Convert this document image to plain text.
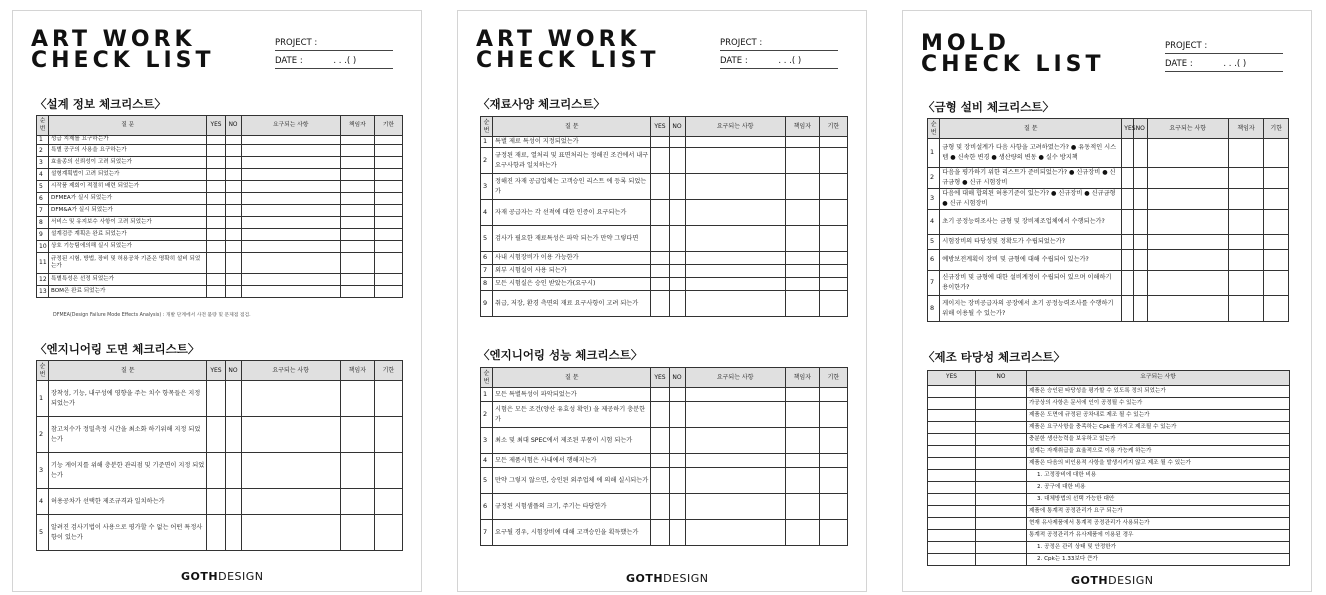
ART WORK
CHECK LIST
PROJECT :
DATE :	. . .( )
〈설계 정보 체크리스트〉
순번	질 문	YES	NO	요구되는 사항	책임자	기한
1	성급 지제를 요구하는가					
2	특별 공구의 사용을 요구하는가					
3	효율종의 신뢰성이 고려 되었는가					
4	설형계획법이 고려 되었는가					
5	시작품 제회이 적절히 배련 되었는가					
6	DFMEA가 실시 되었는가					
7	DFM&A가 실시 되었는가					
8	서비스 및 유지보수 사항이 고려 되었는가					
9	설계검증 계획은 완료 되었는가					
10	상호 기능팀에의해 실시 되었는가					
11	규정된 시험, 방법, 장비 및 허용공차 기준은 명확히 설비 되었는가					
12	특별특성은 선정 되었는가					
13	BOM은 완료 되었는가					
DFMEA(Design Failure Mode Effects Analysis) : 개발 단계에서 사전 불량 및 문제점 점검.
〈엔지니어링 도면 체크리스트〉
순번	질 문	YES	NO	요구되는 사항	책임자	기한
1	장착성, 기능, 내구성에 영향을 주는 치수 항목들은 지정되었는가					
2	참고치수가 정밀측정 시간을 최소화 하기위해 지정 되었는가					
3	기능 게이지를 위해 충분한 관리점 및 기준면이 지정 되었는가					
4	허용공차가 선택한 제조규격과 일치하는가					
5	알려진 검사기법이 사용으로 평가할 수 없는 어떤 특정사항이 있는가					
GOTHDESIGN
ART WORK
CHECK LIST
PROJECT :
DATE :	. . .( )
〈재료사양 체크리스트〉
순번	질 문	YES	NO	요구되는 사항	책임자	기한
1	특별 제료 특성이 지정되었는가					
2	규정된 재료, 열처리 및 표면처리는 정해진 조건에서 내구 요구사항과 일치하는가					
3	정해진 자재 공급업체는 고객승인 리스트 에 등록 되었는가					
4	자재 공급자는 각 선적에 대한 인증이 요구되는가					
5	검사가 필요한 재료특성은 파악 되는가 만약 그렇다면					
6	사내 시험장비가 이용 가능한가					
7	외부 시험실이 사용 되는가					
8	모든 시험실은 승인 받았는가(요구시)					
9	취급, 저장, 환경 측면의 재료 요구사항이 고려 되는가					
〈엔지니어링 성능 체크리스트〉
순번	질 문	YES	NO	요구되는 사항	책임자	기한
1	모든 특별특성이 파악되었는가					
2	시험은 모든 조건(양산 유효성 확인) 을 제공하기 충분한가					
3	최소 및 최대 SPEC에서 제조된 부품이 시험 되는가					
4	모든 제품시험은 사내에서 행해지는가					
5	만약 그렇지 않으면, 승인된 외주업체 에 의해 실시되는가					
6	규정된 시험샘플의 크기, 주기는 타당한가					
7	요구될 경우, 시험장비에 대해 고객승인을 획득했는가					
GOTHDESIGN
MOLD
CHECK LIST
PROJECT :
DATE :	. . .( )
〈금형 설비 체크리스트〉
순번	질 문	YES	NO	요구되는 사항	책임자	기한
1	금형 및 장비설계가 다음 사항을 고려하였는가? ● 유동적인 시스템 ● 신속한 변경 ● 생산량의 변동 ● 실수 방지책					
2	다음을 평가하기 위한 리스트가 준비되었는가? ● 신규장비 ● 신규금형 ● 신규 시험장비					
3	다음에 대해 합의된 허용기준이 있는가? ● 신규장비 ● 신규금형 ● 신규 시험장비					
4	초기 공정능력조사는 금형 및 장비제조업체에서 수행되는가?					
5	시험장비의 타당성및 정확도가 수립되었는가?					
6	예방보전계획이 장비 및 금형에 대해 수립되어 있는가?					
7	신규장비 및 금형에 대한 설비계정이 수립되어 있으며 이해하기 용이한가?					
8	게이지는 장비공급자의 공장에서 초기 공정능력조사를 수행하기 위해 이용될 수 있는가?					
〈제조 타당성 체크리스트〉
YES	NO	요구되는 사항
		제품은 승인된 타당성을 평가할 수 있도록 정의 되었는가
		가공상의 사항은 문서에 인이 공정될 수 있는가
		제품은 도면에 규정된 공차내로 제조 될 수 있는가
		제품은 요구사항을 충족하는 Cpk를 가지고 제조될 수 있는가
		충분한 생산능력을 보유하고 있는가
		설계는 자재취급을 효율적으로 이용 가능케 하는가
		제품은 다음의 비인용적 사항을 발생시키지 않고 제조 될 수 있는가
		1. 고정장비에 대한 비용
		2. 공구에 대한 비용
		3. 대체방법의 선택 가능한 대안
		제품에 통계적 공정관리가 요구 되는가
		현재 유사제품에서 통계적 공정관리가 사용되는가
		통계적 공정관리가 유사제품에 이용된 경우
		1. 공정은 관리 상태 및 안정한가
		2. Cpk는 1.33보다 큰가
GOTHDESIGN
